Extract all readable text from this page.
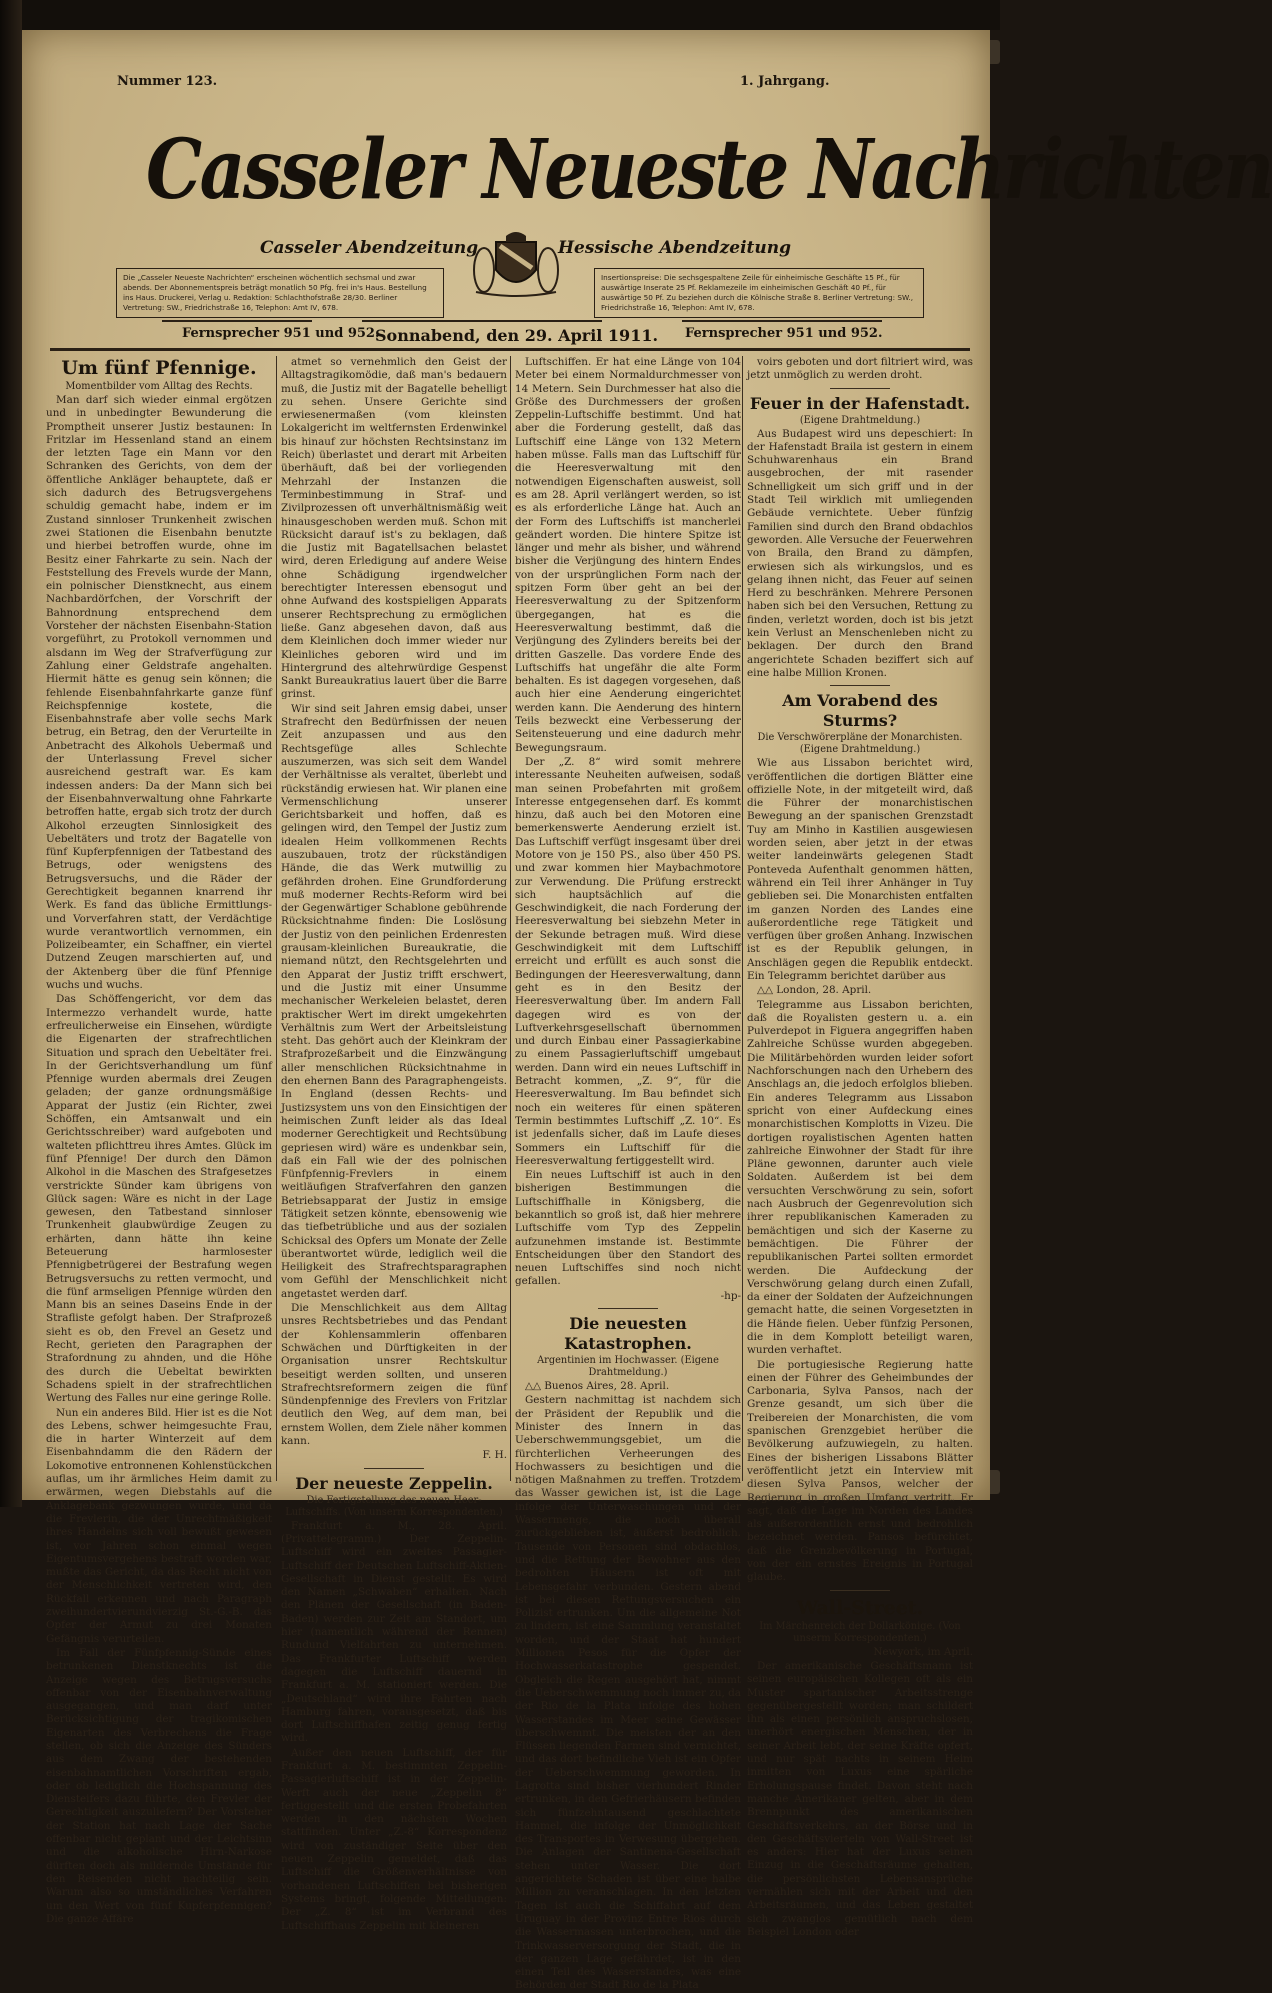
Nummer 123.	1. Jahrgang.
Casseler Neueste Nachrichten
Casseler Abendzeitung	Hessische Abendzeitung
Die „Casseler Neueste Nachrichten“ erscheinen wöchentlich sechsmal und zwar abends. Der Abonnementspreis beträgt monatlich 50 Pfg. frei in's Haus. Bestellung ins Haus. Druckerei, Verlag u. Redaktion: Schlachthofstraße 28/30. Berliner Vertretung: SW., Friedrichstraße 16, Telephon: Amt IV, 678.
Insertionspreise: Die sechsgespaltene Zeile für einheimische Geschäfte 15 Pf., für auswärtige Inserate 25 Pf. Reklamezeile im einheimischen Geschäft 40 Pf., für auswärtige 50 Pf. Zu beziehen durch die Kölnische Straße 8. Berliner Vertretung: SW., Friedrichstraße 16, Telephon: Amt IV, 678.
Fernsprecher 951 und 952.
Sonnabend, den 29. April 1911. Fernsprecher 951 und 952.

Um fünf Pfennige.

Momentbilder vom Alltag des Rechts.

Man darf sich wieder einmal ergötzen und in unbedingter Bewunderung die Promptheit unserer Justiz bestaunen: In Fritzlar im Hessenland stand an einem der letzten Tage ein Mann vor den Schranken des Gerichts, von dem der öffentliche Ankläger behauptete, daß er sich dadurch des Betrugsvergehens schuldig gemacht habe, indem er im Zustand sinnloser Trunkenheit zwischen zwei Stationen die Eisenbahn benutzte und hierbei betroffen wurde, ohne im Besitz einer Fahrkarte zu sein. Nach der Feststellung des Frevels wurde der Mann, ein polnischer Dienstknecht, aus einem Nachbardörfchen, der Vorschrift der Bahnordnung entsprechend dem Vorsteher der nächsten Eisenbahn-Station vorgeführt, zu Protokoll vernommen und alsdann im Weg der Strafverfügung zur Zahlung einer Geldstrafe angehalten. Hiermit hätte es genug sein können; die fehlende Eisenbahnfahrkarte ganze fünf Reichspfennige kostete, die Eisenbahnstrafe aber volle sechs Mark betrug, ein Betrag, den der Verurteilte in Anbetracht des Alkohols Uebermaß und der Unterlassung Frevel sicher ausreichend gestraft war. Es kam indessen anders: Da der Mann sich bei der Eisenbahnverwaltung ohne Fahrkarte betroffen hatte, ergab sich trotz der durch Alkohol erzeugten Sinnlosigkeit des Uebeltäters und trotz der Bagatelle von fünf Kupferpfennigen der Tatbestand des Betrugs, oder wenigstens des Betrugsversuchs, und die Räder der Gerechtigkeit begannen knarrend ihr Werk. Es fand das übliche Ermittlungs- und Vorverfahren statt, der Verdächtige wurde verantwortlich vernommen, ein Polizeibeamter, ein Schaffner, ein viertel Dutzend Zeugen marschierten auf, und der Aktenberg über die fünf Pfennige wuchs und wuchs.

Das Schöffengericht, vor dem das Intermezzo verhandelt wurde, hatte erfreulicherweise ein Einsehen, würdigte die Eigenarten der strafrechtlichen Situation und sprach den Uebeltäter frei. In der Gerichtsverhandlung um fünf Pfennige wurden abermals drei Zeugen geladen; der ganze ordnungsmäßige Apparat der Justiz (ein Richter, zwei Schöffen, ein Amtsanwalt und ein Gerichtsschreiber) ward aufgeboten und walteten pflichttreu ihres Amtes. Glück im fünf Pfennige! Der durch den Dämon Alkohol in die Maschen des Strafgesetzes verstrickte Sünder kam übrigens von Glück sagen: Wäre es nicht in der Lage gewesen, den Tatbestand sinnloser Trunkenheit glaubwürdige Zeugen zu erhärten, dann hätte ihn keine Beteuerung harmlosester Pfennigbetrügerei der Bestrafung wegen Betrugsversuchs zu retten vermocht, und die fünf armseligen Pfennige würden den Mann bis an seines Daseins Ende in der Strafliste gefolgt haben. Der Strafprozeß sieht es ob, den Frevel an Gesetz und Recht, gerieten den Paragraphen der Strafordnung zu ahnden, und die Höhe des durch die Uebeltat bewirkten Schadens spielt in der strafrechtlichen Wertung des Falles nur eine geringe Rolle.

Nun ein anderes Bild. Hier ist es die Not des Lebens, schwer heimgesuchte Frau, die in harter Winterzeit auf dem Eisenbahndamm die den Rädern der Lokomotive entronnenen Kohlenstückchen auflas, um ihr ärmliches Heim damit zu erwärmen, wegen Diebstahls auf die Anklagebank gezwungen wurde, und da die Frevlerin, die der Unrechtmäßigkeit ihres Handelns sich voll bewußt gewesen ist, vor Jahren schon einmal wegen Eigentumsvergehens bestraft worden war, mußte das Gericht, da das Recht nicht von der Menschlichkeit vertreten wird, den Rückfall erkennen und nach Paragraph zweihundertvierundvierzig St.-G.-B. das Opfer der Armut zu drei Monaten Gefängnis verurteilen.

Im Fall der Fünfpfennig-Sünde eines betrunkenen Dienstknechts ist die Anzeige wegen des Betrugsversuchs offenbar von der Eisenbahnverwaltung ausgegangen, und man darf unter Berücksichtigung der tragikomischen Eigenarten des Verbrechens die Frage stellen, ob sich die Anzeige des Sünders aus dem Zwang der bestehenden eisenbahnamtlichen Vorschriften ergab, oder ob lediglich die Hochspannung des Diensteifers dazu führte, den Frevler der Gerechtigkeit auszuliefern? Der Vorsteher der Station hat nach Lage der Sache offenbar nicht geplant und der Leichtsinn und die alkoholische Hirn-Narkose dürften doch als mildernde Umstände für den Reisenden nicht nachteilig sein. Warum also so umständliches Verfahren um den Wert von fünf Kupferpfennigen? Die ganze Affäre

atmet so vernehmlich den Geist der Alltagstragikomödie, daß man's bedauern muß, die Justiz mit der Bagatelle behelligt zu sehen. Unsere Gerichte sind erwiesenermaßen (vom kleinsten Lokalgericht im weltfernsten Erdenwinkel bis hinauf zur höchsten Rechtsinstanz im Reich) überlastet und derart mit Arbeiten überhäuft, daß bei der vorliegenden Mehrzahl der Instanzen die Terminbestimmung in Straf- und Zivilprozessen oft unverhältnismäßig weit hinausgeschoben werden muß. Schon mit Rücksicht darauf ist's zu beklagen, daß die Justiz mit Bagatellsachen belastet wird, deren Erledigung auf andere Weise ohne Schädigung irgendwelcher berechtigter Interessen ebensogut und ohne Aufwand des kostspieligen Apparats unserer Rechtsprechung zu ermöglichen ließe. Ganz abgesehen davon, daß aus dem Kleinlichen doch immer wieder nur Kleinliches geboren wird und im Hintergrund des altehrwürdige Gespenst Sankt Bureaukratius lauert über die Barre grinst.

Wir sind seit Jahren emsig dabei, unser Strafrecht den Bedürfnissen der neuen Zeit anzupassen und aus den Rechtsgefüge alles Schlechte auszumerzen, was sich seit dem Wandel der Verhältnisse als veraltet, überlebt und rückständig erwiesen hat. Wir planen eine Vermenschlichung unserer Gerichtsbarkeit und hoffen, daß es gelingen wird, den Tempel der Justiz zum idealen Heim vollkommenen Rechts auszubauen, trotz der rückständigen Hände, die das Werk mutwillig zu gefährden drohen. Eine Grundforderung muß moderner Rechts-Reform wird bei der Gegenwärtiger Schablone gebührende Rücksichtnahme finden: Die Loslösung der Justiz von den peinlichen Erdenresten grausam-kleinlichen Bureaukratie, die niemand nützt, den Rechtsgelehrten und den Apparat der Justiz trifft erschwert, und die Justiz mit einer Unsumme mechanischer Werkeleien belastet, deren praktischer Wert im direkt umgekehrten Verhältnis zum Wert der Arbeitsleistung steht. Das gehört auch der Kleinkram der Strafprozeßarbeit und die Einzwängung aller menschlichen Rücksichtnahme in den ehernen Bann des Paragraphengeists. In England (dessen Rechts- und Justizsystem uns von den Einsichtigen der heimischen Zunft leider als das Ideal moderner Gerechtigkeit und Rechtsübung gepriesen wird) wäre es undenkbar sein, daß ein Fall wie der des polnischen Fünfpfennig-Frevlers in einem weitläufigen Strafverfahren den ganzen Betriebsapparat der Justiz in emsige Tätigkeit setzen könnte, ebensowenig wie das tiefbetrübliche und aus der sozialen Schicksal des Opfers um Monate der Zelle überantwortet würde, lediglich weil die Heiligkeit des Strafrechtsparagraphen vom Gefühl der Menschlichkeit nicht angetastet werden darf.

Die Menschlichkeit aus dem Alltag unsres Rechtsbetriebes und das Pendant der Kohlensammlerin offenbaren Schwächen und Dürftigkeiten in der Organisation unsrer Rechtskultur beseitigt werden sollten, und unseren Strafrechtsreformern zeigen die fünf Sündenpfennige des Frevlers von Fritzlar deutlich den Weg, auf dem man, bei ernstem Wollen, dem Ziele näher kommen kann.

F. H.

Der neueste Zeppelin.

Die Fertigstellung des neuen Heer-Luftschiffs. (Von unserm Korrespondenten.)

Frankfurt a. M., 28. April. (Privattelegramm.) Der Zeppelin-Luftschiff wird ein zweites Passagier-Luftschiff der Deutschen Luftschiff-Aktien-Gesellschaft in Dienst gestellt. Es wird den Namen „Schwaben“ erhalten. Nach den Plänen der Gesellschaft (in Baden-Baden) werden zur Zeit am Standort, um hier (namentlich während der Rennen) Rundund Vielfahrten zu unternehmen. Das Frankfurter Luftschiff werden dagegen die Luftschiff dauernd in Frankfurt a. M. stationiert werden. Die „Deutschland“ wird ihre Fahrten nach Hamburg fahren, vorausgesetzt, daß bis dort Luftschiffhafen zeitig genug fertig wird.

Außer den neuen Luftschiff, der für Frankfurt a. M. bestimmten Zeppelin-Passagierluftschiff ist in der Zeppelin-Werft auch der neue „Zeppelin 8“ fertiggestellt und die ersten Probefahrten werden in den nächsten Wochen stattfinden. Unter „Z.-8“ Korrespondenz wird von zuständiger Seite über den neuen Zeppelin gemeldet, daß das Luftschiff die Größenverhältnisse von vorhandenen Luftschiffen bei bisherigen Systems bringt, folgende Mitteilungen: Der „Z. 8“ ist im Verbrand des Luftschiffhaus Zeppelin mit kleineren

Luftschiffen. Er hat eine Länge von 104 Meter bei einem Normaldurchmesser von 14 Metern. Sein Durchmesser hat also die Größe des Durchmessers der großen Zeppelin-Luftschiffe bestimmt. Und hat aber die Forderung gestellt, daß das Luftschiff eine Länge von 132 Metern haben müsse. Falls man das Luftschiff für die Heeresverwaltung mit den notwendigen Eigenschaften ausweist, soll es am 28. April verlängert werden, so ist es als erforderliche Länge hat. Auch an der Form des Luftschiffs ist mancherlei geändert worden. Die hintere Spitze ist länger und mehr als bisher, und während bisher die Verjüngung des hintern Endes von der ursprünglichen Form nach der spitzen Form über geht an bei der Heeresverwaltung zu der Spitzenform übergegangen, hat es die Heeresverwaltung bestimmt, daß die Verjüngung des Zylinders bereits bei der dritten Gaszelle. Das vordere Ende des Luftschiffs hat ungefähr die alte Form behalten. Es ist dagegen vorgesehen, daß auch hier eine Aenderung eingerichtet werden kann. Die Aenderung des hintern Teils bezweckt eine Verbesserung der Seitensteuerung und eine dadurch mehr Bewegungsraum.

Der „Z. 8“ wird somit mehrere interessante Neuheiten aufweisen, sodaß man seinen Probefahrten mit großem Interesse entgegensehen darf. Es kommt hinzu, daß auch bei den Motoren eine bemerkenswerte Aenderung erzielt ist. Das Luftschiff verfügt insgesamt über drei Motore von je 150 PS., also über 450 PS. und zwar kommen hier Maybachmotore zur Verwendung. Die Prüfung erstreckt sich hauptsächlich auf die Geschwindigkeit, die nach Forderung der Heeresverwaltung bei siebzehn Meter in der Sekunde betragen muß. Wird diese Geschwindigkeit mit dem Luftschiff erreicht und erfüllt es auch sonst die Bedingungen der Heeresverwaltung, dann geht es in den Besitz der Heeresverwaltung über. Im andern Fall dagegen wird es von der Luftverkehrsgesellschaft übernommen und durch Einbau einer Passagierkabine zu einem Passagierluftschiff umgebaut werden. Dann wird ein neues Luftschiff in Betracht kommen, „Z. 9“, für die Heeresverwaltung. Im Bau befindet sich noch ein weiteres für einen späteren Termin bestimmtes Luftschiff „Z. 10“. Es ist jedenfalls sicher, daß im Laufe dieses Sommers ein Luftschiff für die Heeresverwaltung fertiggestellt wird.

Ein neues Luftschiff ist auch in den bisherigen Bestimmungen die Luftschiffhalle in Königsberg, die bekanntlich so groß ist, daß hier mehrere Luftschiffe vom Typ des Zeppelin aufzunehmen imstande ist. Bestimmte Entscheidungen über den Standort des neuen Luftschiffes sind noch nicht gefallen.

-hp-

Die neuesten Katastrophen.

Argentinien im Hochwasser. (Eigene Drahtmeldung.)

△△ Buenos Aires, 28. April.

Gestern nachmittag ist nachdem sich der Präsident der Republik und die Minister des Innern in das Ueberschwemmungsgebiet, um die fürchterlichen Verheerungen des Hochwassers zu besichtigen und die nötigen Maßnahmen zu treffen. Trotzdem das Wasser gewichen ist, ist die Lage infolge der Unterwaschungen und der Wassermenge, die noch überall zurückgeblieben ist, äußerst bedrohlich. Tausende von Personen sind obdachlos, und die Rettung der Bewohner aus den bedrohten Häusern ist oft mit Lebensgefahr verbunden. Gestern abend ist bei diesen Rettungsversuchen ein Polizist ertrunken. Um die allgemeine Not zu lindern, ist eine Sammlung veranstaltet worden, und der Staat hat hundert Millionen Pesos für die Opfer der Hochwasserkatastrophe gespendet. Obgleich die Regen ausgehört hat, nimmt die Ueberschwemmung noch immer zu, da der Rio de la Plata infolge des hohen Wasserstandes im Meer seine Gewässer überschwemmt. Die meisten der an den Flüssen liegenden Farmen sind vernichtet, und das dort befindliche Vieh ist ein Opfer der Ueberschwemmung geworden. In Lagrotta sind bisher vierhundert Rinder ertrunken, in den Gefrierhäusern befinden sich fünfzehntausend geschlachtete Hammel, die infolge der Unmöglichkeit des Transportes in Verwesung übergehen. Die Anlagen der Santinena-Gesellschaft stehen unter Wasser. Die dort angerichtete Schaden ist über eine halbe Million zu veranschlagen. In den letzten Tagen ist auch die Schiffahrt auf dem Uruguay in der Provinz Entre Rios durch die Wassermassen unterbrochen, und die Trinkwasserversorgung der Stadt, die in der ganzen Lage gefährdet, ist in den einen Teil des Wasserstandes, was eine Behörden der Stadt Rio de la Plata

voirs geboten und dort filtriert wird, was jetzt unmöglich zu werden droht.

Feuer in der Hafenstadt.

(Eigene Drahtmeldung.)

Aus Budapest wird uns depeschiert: In der Hafenstadt Braila ist gestern in einem Schuhwarenhaus ein Brand ausgebrochen, der mit rasender Schnelligkeit um sich griff und in der Stadt Teil wirklich mit umliegenden Gebäude vernichtete. Ueber fünfzig Familien sind durch den Brand obdachlos geworden. Alle Versuche der Feuerwehren von Braila, den Brand zu dämpfen, erwiesen sich als wirkungslos, und es gelang ihnen nicht, das Feuer auf seinen Herd zu beschränken. Mehrere Personen haben sich bei den Versuchen, Rettung zu finden, verletzt worden, doch ist bis jetzt kein Verlust an Menschenleben nicht zu beklagen. Der durch den Brand angerichtete Schaden beziffert sich auf eine halbe Million Kronen.

Am Vorabend des Sturms?

Die Verschwörerpläne der Monarchisten. (Eigene Drahtmeldung.)

Wie aus Lissabon berichtet wird, veröffentlichen die dortigen Blätter eine offizielle Note, in der mitgeteilt wird, daß die Führer der monarchistischen Bewegung an der spanischen Grenzstadt Tuy am Minho in Kastilien ausgewiesen worden seien, aber jetzt in der etwas weiter landeinwärts gelegenen Stadt Ponteveda Aufenthalt genommen hätten, während ein Teil ihrer Anhänger in Tuy geblieben sei. Die Monarchisten entfalten im ganzen Norden des Landes eine außerordentliche rege Tätigkeit und verfügen über großen Anhang. Inzwischen ist es der Republik gelungen, in Anschlägen gegen die Republik entdeckt. Ein Telegramm berichtet darüber aus

△△ London, 28. April.

Telegramme aus Lissabon berichten, daß die Royalisten gestern u. a. ein Pulverdepot in Figuera angegriffen haben Zahlreiche Schüsse wurden abgegeben. Die Militärbehörden wurden leider sofort Nachforschungen nach den Urhebern des Anschlags an, die jedoch erfolglos blieben. Ein anderes Telegramm aus Lissabon spricht von einer Aufdeckung eines monarchistischen Komplotts in Vizeu. Die dortigen royalistischen Agenten hatten zahlreiche Einwohner der Stadt für ihre Pläne gewonnen, darunter auch viele Soldaten. Außerdem ist bei dem versuchten Verschwörung zu sein, sofort nach Ausbruch der Gegenrevolution sich ihrer republikanischen Kameraden zu bemächtigen und sich der Kaserne zu bemächtigen. Die Führer der republikanischen Partei sollten ermordet werden. Die Aufdeckung der Verschwörung gelang durch einen Zufall, da einer der Soldaten der Aufzeichnungen gemacht hatte, die seinen Vorgesetzten in die Hände fielen. Ueber fünfzig Personen, die in dem Komplott beteiligt waren, wurden verhaftet.

Die portugiesische Regierung hatte einen der Führer des Geheimbundes der Carbonaria, Sylva Pansos, nach der Grenze gesandt, um sich über die Treibereien der Monarchisten, die vom spanischen Grenzgebiet herüber die Bevölkerung aufzuwiegeln, zu halten. Eines der bisherigen Lissabons Blätter veröffentlicht jetzt ein Interview mit diesen Sylva Pansos, welcher der Regierung in großen Umfang vertritt. Er sagt, daß die Lage im Norden des Landes als außerordentlich ernst und bedrohlich bezeichnet werden. Pansos befürchtet, daß die Grenzbevölkerung in Portugal, von der ein ernstes Ereignis in Portugal glaube.

Wall-Street.

Im Märchenreich der Dollarkönige. (Von unserm Korrespondenten.)

Newyork, im April.

Der amerikanische Geschäftsmann ist seinen europäischen Kollegen oft als ein Muster spartanischer Arbeitsstrenge gegenübergestellt worden; man schildert ihn als einen persönlich anspruchslosen, unerhört energischen Menschen, der in seiner Arbeit lebt, der seine Kräfte opfert, und nur spät nachts in seinem Heim inmitten von Luxus eine spärliche Erholungspause findet. Davon steht nach manche Amerikaner gelten, aber in dem Brennpunkt des amerikanischen Geschäftsverkehrs, an der Börse und in den Geschäftsvierteln von Wall-Street ist es anders: Hier hat der Luxus seinen Einzug in die Geschäftsräume gehalten, die persönlichsten Lebensansprüche vermählen sich mit der Arbeit und den Arbeitsräumen, und das Leben gestaltet sich zwanglos gemütlich nach dem Beispiel London oder
